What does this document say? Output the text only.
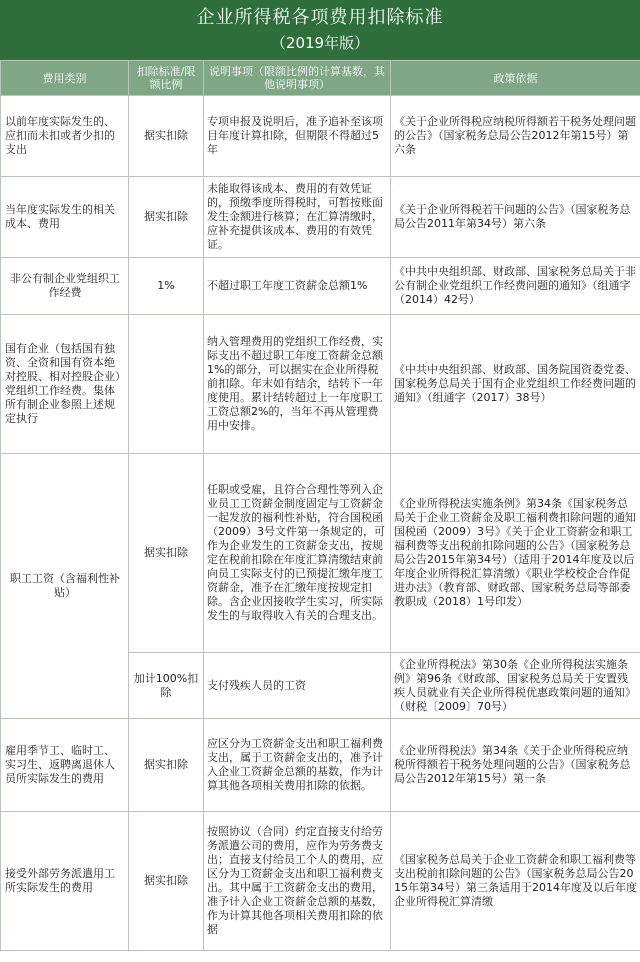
企业所得税各项费用扣除标准
（2019年版）
费用类别	扣除标准/限额比例	说明事项（限额比例的计算基数，其他说明事项）	政策依据
以前年度实际发生的、应扣而未扣或者少扣的支出	据实扣除	专项申报及说明后，准予追补至该项目年度计算扣除，但期限不得超过5年	《关于企业所得税应纳税所得额若干税务处理问题的公告》（国家税务总局公告2012年第15号）第六条
当年度实际发生的相关成本、费用	据实扣除	未能取得该成本、费用的有效凭证的，预缴季度所得税时，可暂按账面发生金额进行核算；在汇算清缴时，应补充提供该成本、费用的有效凭证。	《关于企业所得税若干问题的公告》（国家税务总局公告2011年第34号）第六条
非公有制企业党组织工作经费	1%	不超过职工年度工资薪金总额1%	《中共中央组织部、财政部、国家税务总局关于非公有制企业党组织工作经费问题的通知》（组通字（2014）42号）
国有企业（包括国有独资、全资和国有资本绝对控股、相对控股企业）党组织工作经费。集体所有制企业参照上述规定执行		纳入管理费用的党组织工作经费，实际支出不超过职工年度工资薪金总额1%的部分，可以据实在企业所得税前扣除。年末如有结余，结转下一年度使用。累计结转超过上一年度职工工资总额2%的，当年不再从管理费用中安排。	《中共中央组织部、财政部、国务院国资委党委、国家税务总局关于国有企业党组织工作经费问题的通知》（组通字（2017）38号）
职工工资（含福利性补贴）	据实扣除	任职或受雇，且符合合理性等列入企业员工工资薪金制度固定与工资薪金一起发放的福利性补贴，符合国税函（2009）3号文件第一条规定的，可作为企业发生的工资薪金支出，按规定在税前扣除在年度汇算清缴结束前向员工实际支付的已预提汇缴年度工资薪金，准予在汇缴年度按规定扣除。含企业因接收学生实习，所实际发生的与取得收入有关的合理支出。	《企业所得税法实施条例》第34条《国家税务总局关于企业工资薪金及职工福利费扣除问题的通知国税函（2009）3号》《关于企业工资薪金和职工福利费等支出税前扣除问题的公告》（国家税务总局公告2015年第34号）（适用于2014年度及以后年度企业所得税汇算清缴）《职业学校校企合作促进办法》（教育部、财政部、国家税务总局等部委教职成（2018）1号印发）
	加计100%扣除	支付残疾人员的工资	《企业所得税法》第30条《企业所得税法实施条例》第96条《财政部、国家税务总局关于安置残疾人员就业有关企业所得税优惠政策问题的通知》（财税〔2009〕70号）
雇用季节工、临时工、实习生、返聘离退休人员所实际发生的费用	据实扣除	应区分为工资薪金支出和职工福利费支出，属于工资薪金支出的，准予计入企业工资薪金总额的基数，作为计算其他各项相关费用扣除的依据。	《企业所得税法》第34条《关于企业所得税应纳税所得额若干税务处理问题的公告》（国家税务总局公告2012年第15号）第一条
接受外部劳务派遣用工所实际发生的费用	据实扣除	按照协议（合同）约定直接支付给劳务派遣公司的费用，应作为劳务费支出；直接支付给员工个人的费用，应区分为工资薪金支出和职工福利费支出。其中属于工资薪金支出的费用，准予计入企业工资薪金总额的基数，作为计算其他各项相关费用扣除的依据	《国家税务总局关于企业工资薪金和职工福利费等支出税前扣除问题的公告》（国家税务总局公告2015年第34号）第三条适用于2014年度及以后年度企业所得税汇算清缴
